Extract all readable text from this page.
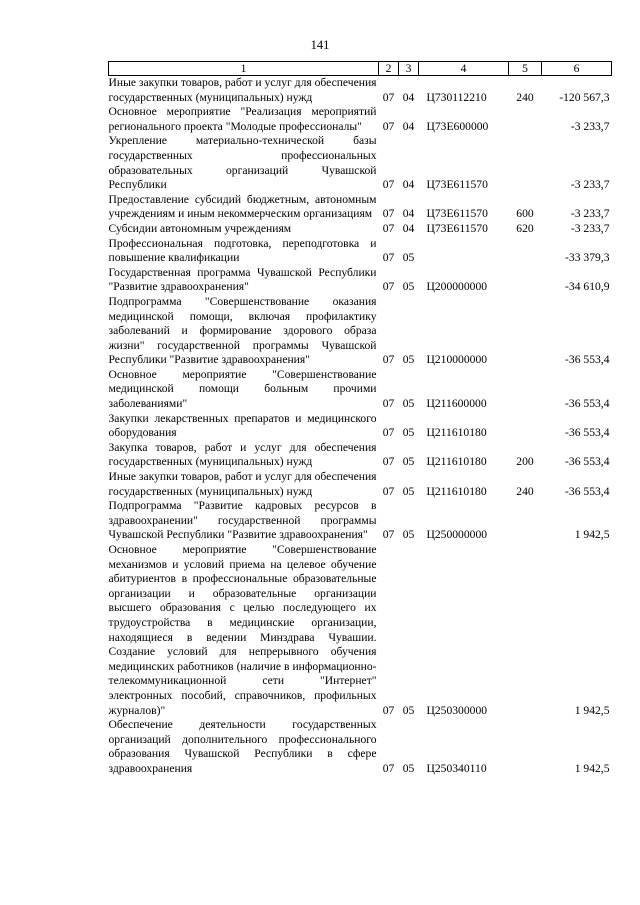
141
1	2	3	4	5	6
Иные закупки товаров, работ и услуг для обеспечения государственных (муниципальных) нужд	07	04	Ц730112210	240	-120 567,3
Основное мероприятие "Реализация мероприятий регионального проекта "Молодые профессионалы"	07	04	Ц73Е600000		-3 233,7
Укрепление материально-технической базы государственных профессиональных образовательных организаций Чувашской Республики	07	04	Ц73Е611570		-3 233,7
Предоставление субсидий бюджетным, автономным учреждениям и иным некоммерческим организациям	07	04	Ц73Е611570	600	-3 233,7
Субсидии автономным учреждениям	07	04	Ц73Е611570	620	-3 233,7
Профессиональная подготовка, переподготовка и повышение квалификации	07	05			-33 379,3
Государственная программа Чувашской Республики "Развитие здравоохранения"	07	05	Ц200000000		-34 610,9
Подпрограмма "Совершенствование оказания медицинской помощи, включая профилактику заболеваний и формирование здорового образа жизни" государственной программы Чувашской Республики "Развитие здравоохранения"	07	05	Ц210000000		-36 553,4
Основное мероприятие "Совершенствование медицинской помощи больным прочими заболеваниями"	07	05	Ц211600000		-36 553,4
Закупки лекарственных препаратов и медицинского оборудования	07	05	Ц211610180		-36 553,4
Закупка товаров, работ и услуг для обеспечения государственных (муниципальных) нужд	07	05	Ц211610180	200	-36 553,4
Иные закупки товаров, работ и услуг для обеспечения государственных (муниципальных) нужд	07	05	Ц211610180	240	-36 553,4
Подпрограмма "Развитие кадровых ресурсов в здравоохранении" государственной программы Чувашской Республики "Развитие здравоохранения"	07	05	Ц250000000		1 942,5
Основное мероприятие "Совершенствование механизмов и условий приема на целевое обучение абитуриентов в профессиональные образовательные организации и образовательные организации высшего образования с целью последующего их трудоустройства в медицинские организации, находящиеся в ведении Минздрава Чувашии. Создание условий для непрерывного обучения медицинских работников (наличие в информационно-телекоммуникационной сети "Интернет" электронных пособий, справочников, профильных журналов)"	07	05	Ц250300000		1 942,5
Обеспечение деятельности государственных организаций дополнительного профессионального образования Чувашской Республики в сфере здравоохранения	07	05	Ц250340110		1 942,5
